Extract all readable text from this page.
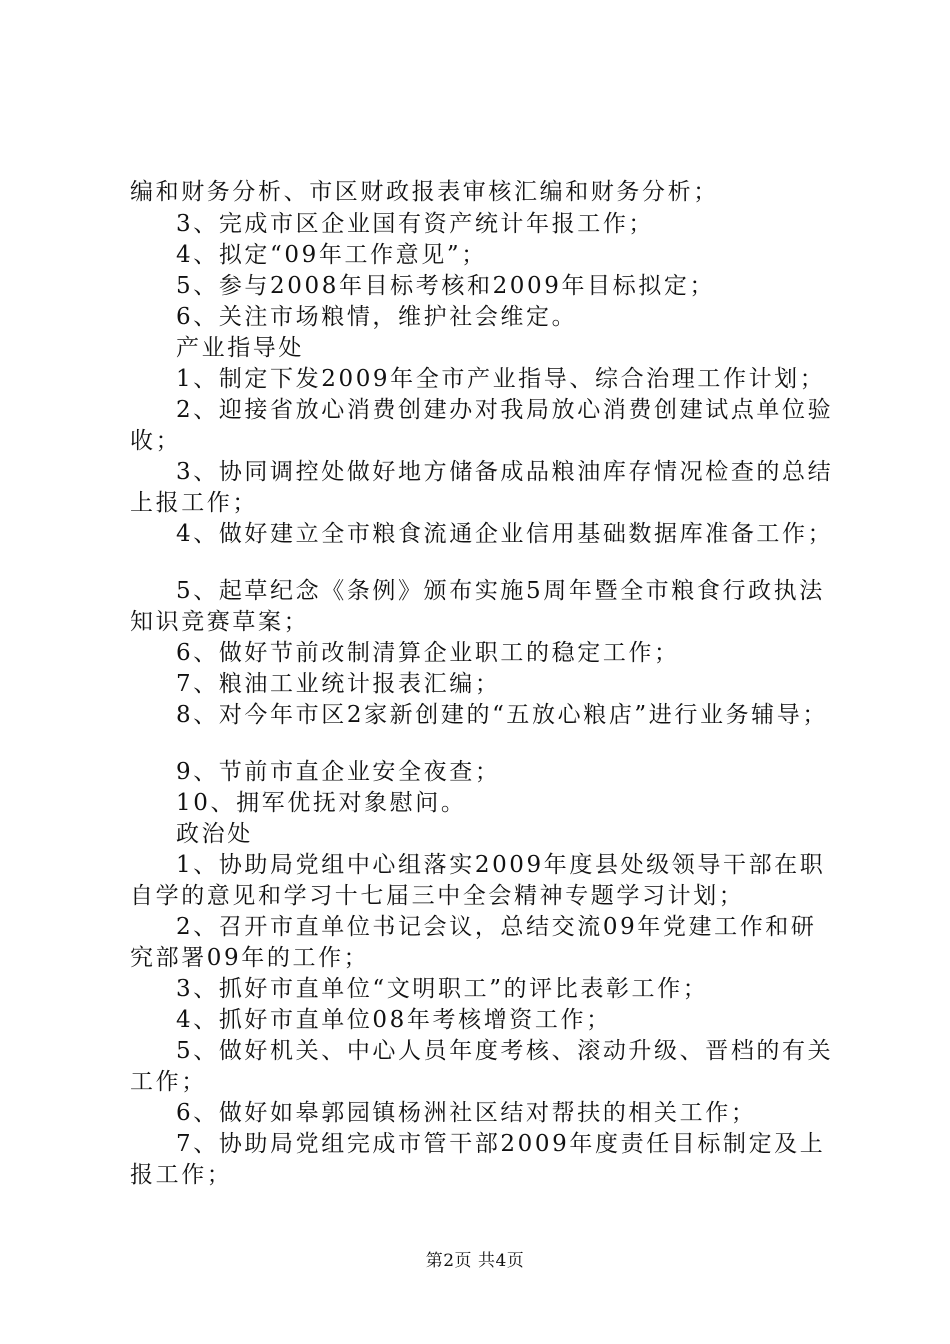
编和财务分析、市区财政报表审核汇编和财务分析；
3、完成市区企业国有资产统计年报工作；
4、拟定“09年工作意见”；
5、参与2008年目标考核和2009年目标拟定；
6、关注市场粮情，维护社会维定。
产业指导处
1、制定下发2009年全市产业指导、综合治理工作计划；
2、迎接省放心消费创建办对我局放心消费创建试点单位验
收；
3、协同调控处做好地方储备成品粮油库存情况检查的总结
上报工作；
4、做好建立全市粮食流通企业信用基础数据库准备工作；
5、起草纪念《条例》颁布实施5周年暨全市粮食行政执法
知识竞赛草案；
6、做好节前改制清算企业职工的稳定工作；
7、粮油工业统计报表汇编；
8、对今年市区2家新创建的“五放心粮店”进行业务辅导；
9、节前市直企业安全夜查；
10、拥军优抚对象慰问。
政治处
1、协助局党组中心组落实2009年度县处级领导干部在职
自学的意见和学习十七届三中全会精神专题学习计划；
2、召开市直单位书记会议，总结交流09年党建工作和研
究部署09年的工作；
3、抓好市直单位“文明职工”的评比表彰工作；
4、抓好市直单位08年考核增资工作；
5、做好机关、中心人员年度考核、滚动升级、晋档的有关
工作；
6、做好如皋郭园镇杨洲社区结对帮扶的相关工作；
7、协助局党组完成市管干部2009年度责任目标制定及上
报工作；
第2页 共4页
